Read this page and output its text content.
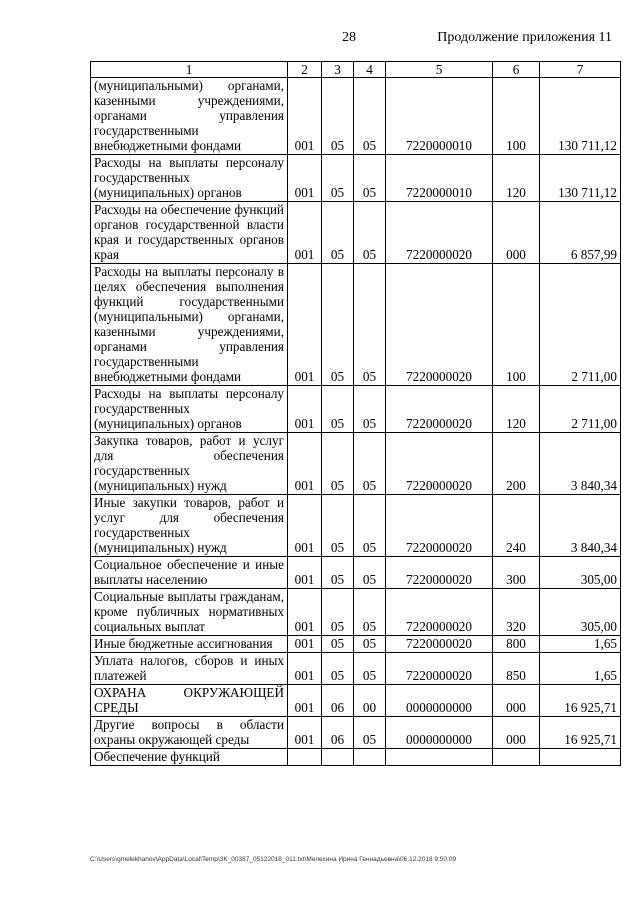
28	Продолжение приложения 11
1	2	3	4	5	6	7
(муниципальными) органами, казенными учреждениями, органами управления государственными внебюджетными фондами	001	05	05	7220000010	100	130 711,12
Расходы на выплаты персоналу государственных (муниципальных) органов	001	05	05	7220000010	120	130 711,12
Расходы на обеспечение функций органов государственной власти края и государственных органов края	001	05	05	7220000020	000	6 857,99
Расходы на выплаты персоналу в целях обеспечения выполнения функций государственными (муниципальными) органами, казенными учреждениями, органами управления государственными внебюджетными фондами	001	05	05	7220000020	100	2 711,00
Расходы на выплаты персоналу государственных (муниципальных) органов	001	05	05	7220000020	120	2 711,00
Закупка товаров, работ и услуг для обеспечения государственных (муниципальных) нужд	001	05	05	7220000020	200	3 840,34
Иные закупки товаров, работ и услуг для обеспечения государственных (муниципальных) нужд	001	05	05	7220000020	240	3 840,34
Социальное обеспечение и иные выплаты населению	001	05	05	7220000020	300	305,00
Социальные выплаты гражданам, кроме публичных нормативных социальных выплат	001	05	05	7220000020	320	305,00
Иные бюджетные ассигнования	001	05	05	7220000020	800	1,65
Уплата налогов, сборов и иных платежей	001	05	05	7220000020	850	1,65
ОХРАНА ОКРУЖАЮЩЕЙ СРЕДЫ	001	06	00	0000000000	000	16 925,71
Другие вопросы в области охраны окружающей среды	001	06	05	0000000000	000	16 925,71
Обеспечение функций						
C:\Users\gmelekhanov\AppData\Local\Temp\3K_00387_05122018_011.txt\Мелехина Ирина Геннадьевна\06.12.2018 9:50:09
